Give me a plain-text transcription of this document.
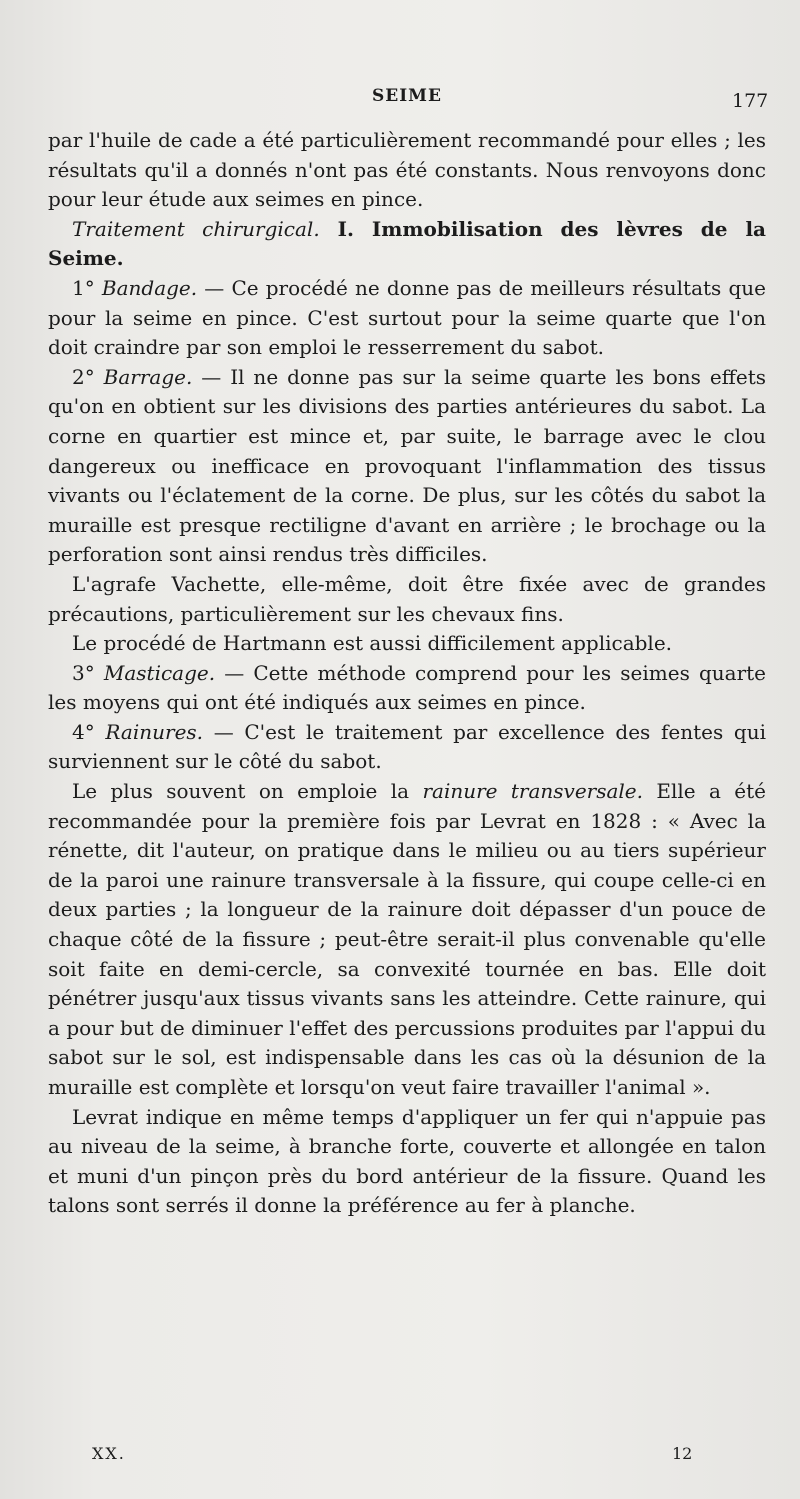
SEIME	177

par l'huile de cade a été particulièrement recommandé pour elles ; les résultats qu'il a donnés n'ont pas été constants. Nous renvoyons donc pour leur étude aux seimes en pince.

Traitement chirurgical. I. Immobilisation des lèvres de la Seime.

1° Bandage. — Ce procédé ne donne pas de meilleurs résultats que pour la seime en pince. C'est surtout pour la seime quarte que l'on doit craindre par son emploi le resserrement du sabot.

2° Barrage. — Il ne donne pas sur la seime quarte les bons effets qu'on en obtient sur les divisions des parties antérieures du sabot. La corne en quartier est mince et, par suite, le barrage avec le clou dangereux ou inefficace en provoquant l'inflammation des tissus vivants ou l'éclatement de la corne. De plus, sur les côtés du sabot la muraille est presque rectiligne d'avant en arrière ; le brochage ou la perforation sont ainsi rendus très difficiles.

L'agrafe Vachette, elle-même, doit être fixée avec de grandes précautions, particulièrement sur les chevaux fins.

Le procédé de Hartmann est aussi difficilement applicable.

3° Masticage. — Cette méthode comprend pour les seimes quarte les moyens qui ont été indiqués aux seimes en pince.

4° Rainures. — C'est le traitement par excellence des fentes qui surviennent sur le côté du sabot.

Le plus souvent on emploie la rainure transversale. Elle a été recommandée pour la première fois par Levrat en 1828 : « Avec la rénette, dit l'auteur, on pratique dans le milieu ou au tiers supérieur de la paroi une rainure transversale à la fissure, qui coupe celle-ci en deux parties ; la longueur de la rainure doit dépasser d'un pouce de chaque côté de la fissure ; peut-être serait-il plus convenable qu'elle soit faite en demi-cercle, sa convexité tournée en bas. Elle doit pénétrer jusqu'aux tissus vivants sans les atteindre. Cette rainure, qui a pour but de diminuer l'effet des percussions produites par l'appui du sabot sur le sol, est indispensable dans les cas où la désunion de la muraille est complète et lorsqu'on veut faire travailler l'animal ».

Levrat indique en même temps d'appliquer un fer qui n'appuie pas au niveau de la seime, à branche forte, couverte et allongée en talon et muni d'un pinçon près du bord antérieur de la fissure. Quand les talons sont serrés il donne la préférence au fer à planche.

XX.	12
